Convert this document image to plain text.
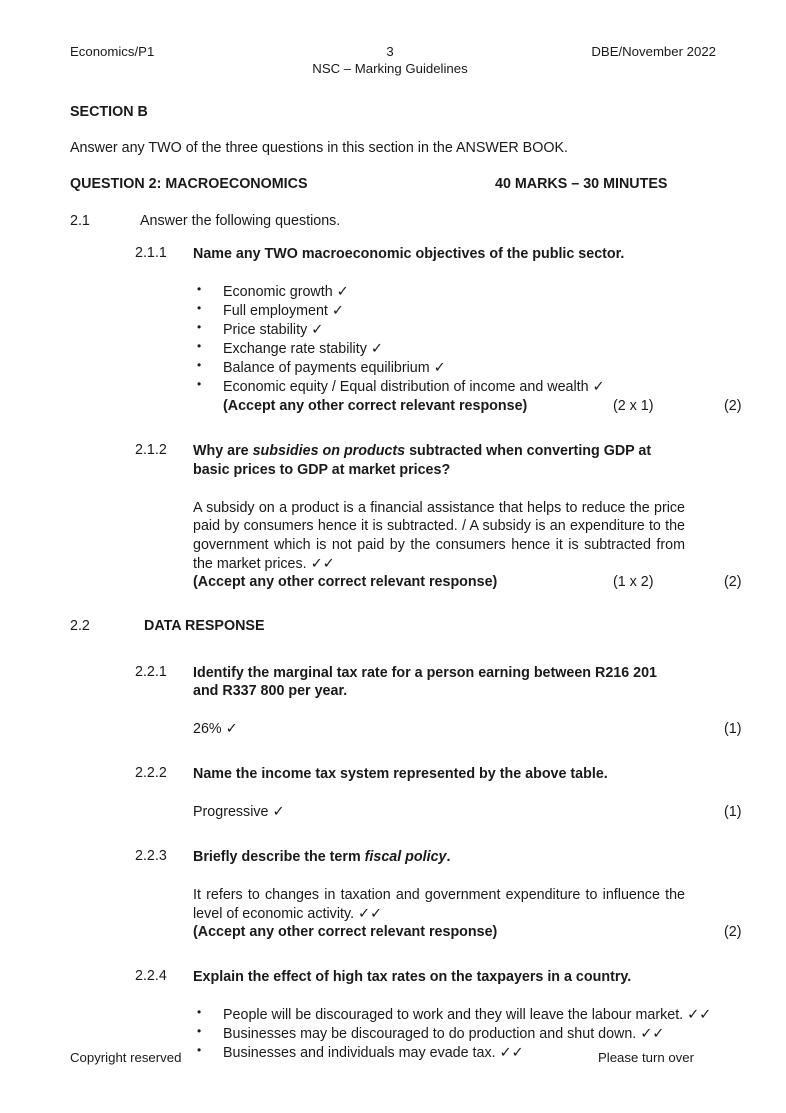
Economics/P1	3	DBE/November 2022
NSC – Marking Guidelines
SECTION B
Answer any TWO of the three questions in this section in the ANSWER BOOK.
QUESTION 2: MACROECONOMICS	40 MARKS – 30 MINUTES
2.1	Answer the following questions.
2.1.1 Name any TWO macroeconomic objectives of the public sector.
• Economic growth ✓
• Full employment ✓
• Price stability ✓
• Exchange rate stability ✓
• Balance of payments equilibrium ✓
• Economic equity / Equal distribution of income and wealth ✓
(Accept any other correct relevant response)	(2 x 1)	(2)
2.1.2 Why are subsidies on products subtracted when converting GDP at basic prices to GDP at market prices?
A subsidy on a product is a financial assistance that helps to reduce the price paid by consumers hence it is subtracted. / A subsidy is an expenditure to the government which is not paid by the consumers hence it is subtracted from the market prices. ✓✓
(Accept any other correct relevant response)	(1 x 2)	(2)
2.2	DATA RESPONSE
2.2.1 Identify the marginal tax rate for a person earning between R216 201 and R337 800 per year.
26% ✓	(1)
2.2.2 Name the income tax system represented by the above table.
Progressive ✓	(1)
2.2.3 Briefly describe the term fiscal policy.
It refers to changes in taxation and government expenditure to influence the level of economic activity. ✓✓
(Accept any other correct relevant response)	(2)
2.2.4 Explain the effect of high tax rates on the taxpayers in a country.
• People will be discouraged to work and they will leave the labour market. ✓✓
• Businesses may be discouraged to do production and shut down. ✓✓
• Businesses and individuals may evade tax. ✓✓
Copyright reserved	Please turn over
